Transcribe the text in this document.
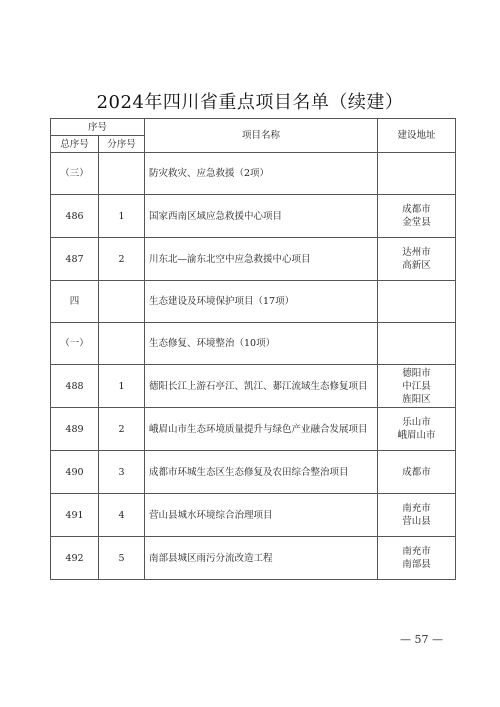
2024年四川省重点项目名单（续建）
序号		项目名称	建设地址
总序号	分序号		
（三）		防灾救灾、应急救援（2项）	
486	1	国家西南区域应急救援中心项目	成都市
金堂县
487	2	川东北—渝东北空中应急救援中心项目	达州市
高新区
四		生态建设及环境保护项目（17项）	
（一）		生态修复、环境整治（10项）	
488	1	德阳长江上游石亭江、凯江、郪江流域生态修复项目	德阳市
中江县
旌阳区
489	2	峨眉山市生态环境质量提升与绿色产业融合发展项目	乐山市
峨眉山市
490	3	成都市环城生态区生态修复及农田综合整治项目	成都市
491	4	营山县城水环境综合治理项目	南充市
营山县
492	5	南部县城区雨污分流改造工程	南充市
南部县
— 57 —
